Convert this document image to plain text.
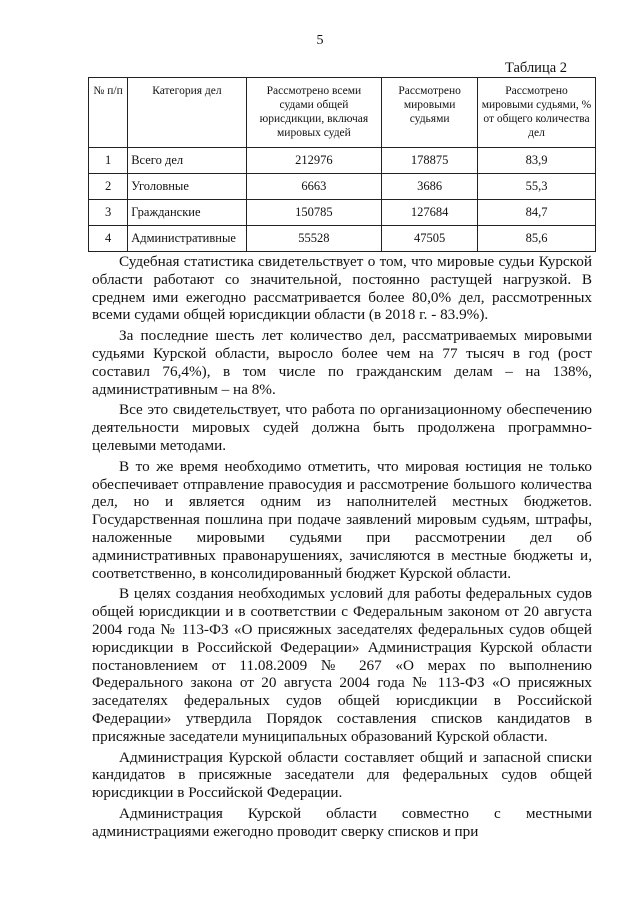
5
Таблица 2
№ п/п	Категория дел	Рассмотрено всеми судами общей юрисдикции, включая мировых судей	Рассмотрено мировыми судьями	Рассмотрено мировыми судьями, % от общего количества дел
1	Всего дел	212976	178875	83,9
2	Уголовные	6663	3686	55,3
3	Гражданские	150785	127684	84,7
4	Административные	55528	47505	85,6

Судебная статистика свидетельствует о том, что мировые судьи Курской области работают со значительной, постоянно растущей нагрузкой. В среднем ими ежегодно рассматривается более 80,0% дел, рассмотренных всеми судами общей юрисдикции области (в 2018 г. - 83.9%).

За последние шесть лет количество дел, рассматриваемых мировыми судьями Курской области, выросло более чем на 77 тысяч в год (рост составил 76,4%), в том числе по гражданским делам – на 138%, административным – на 8%.

Все это свидетельствует, что работа по организационному обеспечению деятельности мировых судей должна быть продолжена программно-целевыми методами.

В то же время необходимо отметить, что мировая юстиция не только обеспечивает отправление правосудия и рассмотрение большого количества дел, но и является одним из наполнителей местных бюджетов. Государственная пошлина при подаче заявлений мировым судьям, штрафы, наложенные мировыми судьями при рассмотрении дел об административных правонарушениях, зачисляются в местные бюджеты и, соответственно, в консолидированный бюджет Курской области.

В целях создания необходимых условий для работы федеральных судов общей юрисдикции и в соответствии с Федеральным законом от 20 августа 2004 года № 113-ФЗ «О присяжных заседателях федеральных судов общей юрисдикции в Российской Федерации» Администрация Курской области постановлением от 11.08.2009 № 267 «О мерах по выполнению Федерального закона от 20 августа 2004 года № 113-ФЗ «О присяжных заседателях федеральных судов общей юрисдикции в Российской Федерации» утвердила Порядок составления списков кандидатов в присяжные заседатели муниципальных образований Курской области.

Администрация Курской области составляет общий и запасной списки кандидатов в присяжные заседатели для федеральных судов общей юрисдикции в Российской Федерации.

Администрация Курской области совместно с местными администрациями ежегодно проводит сверку списков и при
